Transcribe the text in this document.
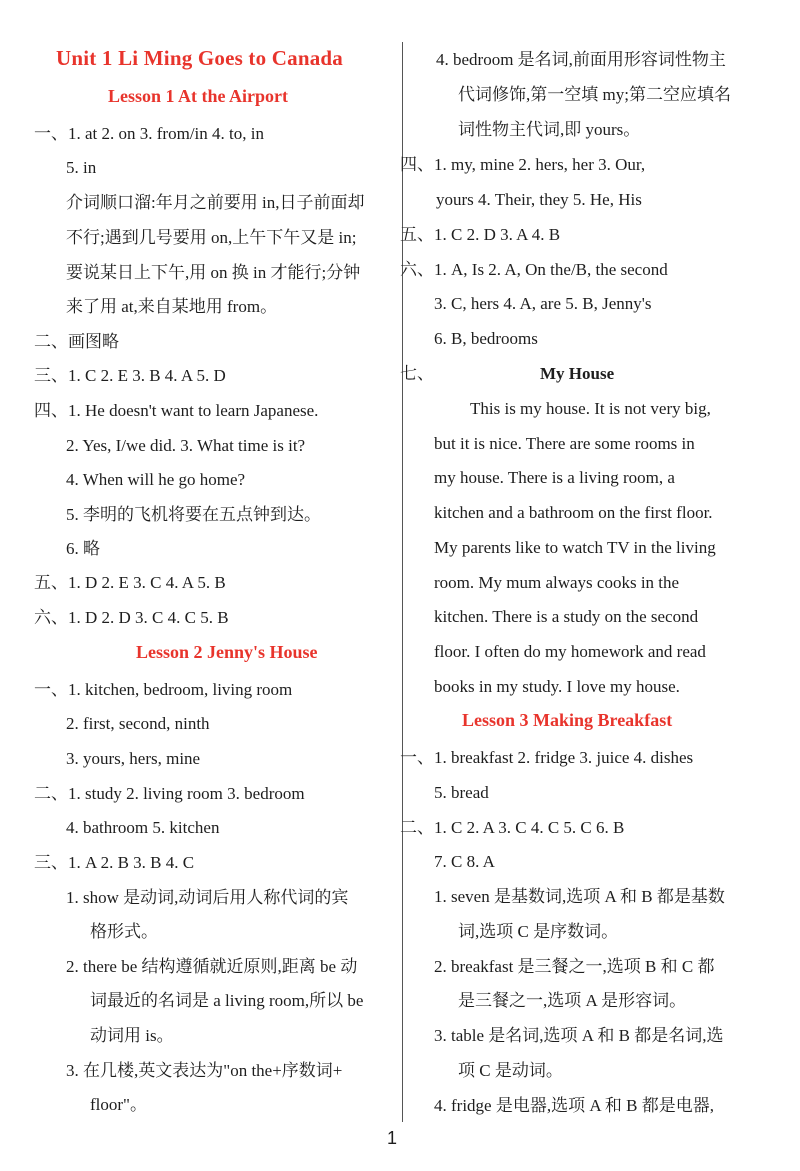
Unit 1 Li Ming Goes to Canada
Lesson 1 At the Airport
一、1. at 2. on 3. from/in 4. to, in
5. in
介词顺口溜:年月之前要用 in,日子前面却
不行;遇到几号要用 on,上午下午又是 in;
要说某日上下午,用 on 换 in 才能行;分钟
来了用 at,来自某地用 from。
二、画图略
三、1. C 2. E 3. B 4. A 5. D
四、1. He doesn't want to learn Japanese.
2. Yes, I/we did. 3. What time is it?
4. When will he go home?
5. 李明的飞机将要在五点钟到达。
6. 略
五、1. D 2. E 3. C 4. A 5. B
六、1. D 2. D 3. C 4. C 5. B
Lesson 2 Jenny's House
一、1. kitchen, bedroom, living room
2. first, second, ninth
3. yours, hers, mine
二、1. study 2. living room 3. bedroom
4. bathroom 5. kitchen
三、1. A 2. B 3. B 4. C
1. show 是动词,动词后用人称代词的宾
格形式。
2. there be 结构遵循就近原则,距离 be 动
词最近的名词是 a living room,所以 be
动词用 is。
3. 在几楼,英文表达为"on the+序数词+
floor"。
4. bedroom 是名词,前面用形容词性物主
代词修饰,第一空填 my;第二空应填名
词性物主代词,即 yours。
四、1. my, mine 2. hers, her 3. Our,
yours 4. Their, they 5. He, His
五、1. C 2. D 3. A 4. B
六、1. A, Is 2. A, On the/B, the second
3. C, hers 4. A, are 5. B, Jenny's
6. B, bedrooms
七、	My House
This is my house. It is not very big,
but it is nice. There are some rooms in
my house. There is a living room, a
kitchen and a bathroom on the first floor.
My parents like to watch TV in the living
room. My mum always cooks in the
kitchen. There is a study on the second
floor. I often do my homework and read
books in my study. I love my house.
Lesson 3 Making Breakfast
一、1. breakfast 2. fridge 3. juice 4. dishes
5. bread
二、1. C 2. A 3. C 4. C 5. C 6. B
7. C 8. A
1. seven 是基数词,选项 A 和 B 都是基数
词,选项 C 是序数词。
2. breakfast 是三餐之一,选项 B 和 C 都
是三餐之一,选项 A 是形容词。
3. table 是名词,选项 A 和 B 都是名词,选
项 C 是动词。
4. fridge 是电器,选项 A 和 B 都是电器,
1
